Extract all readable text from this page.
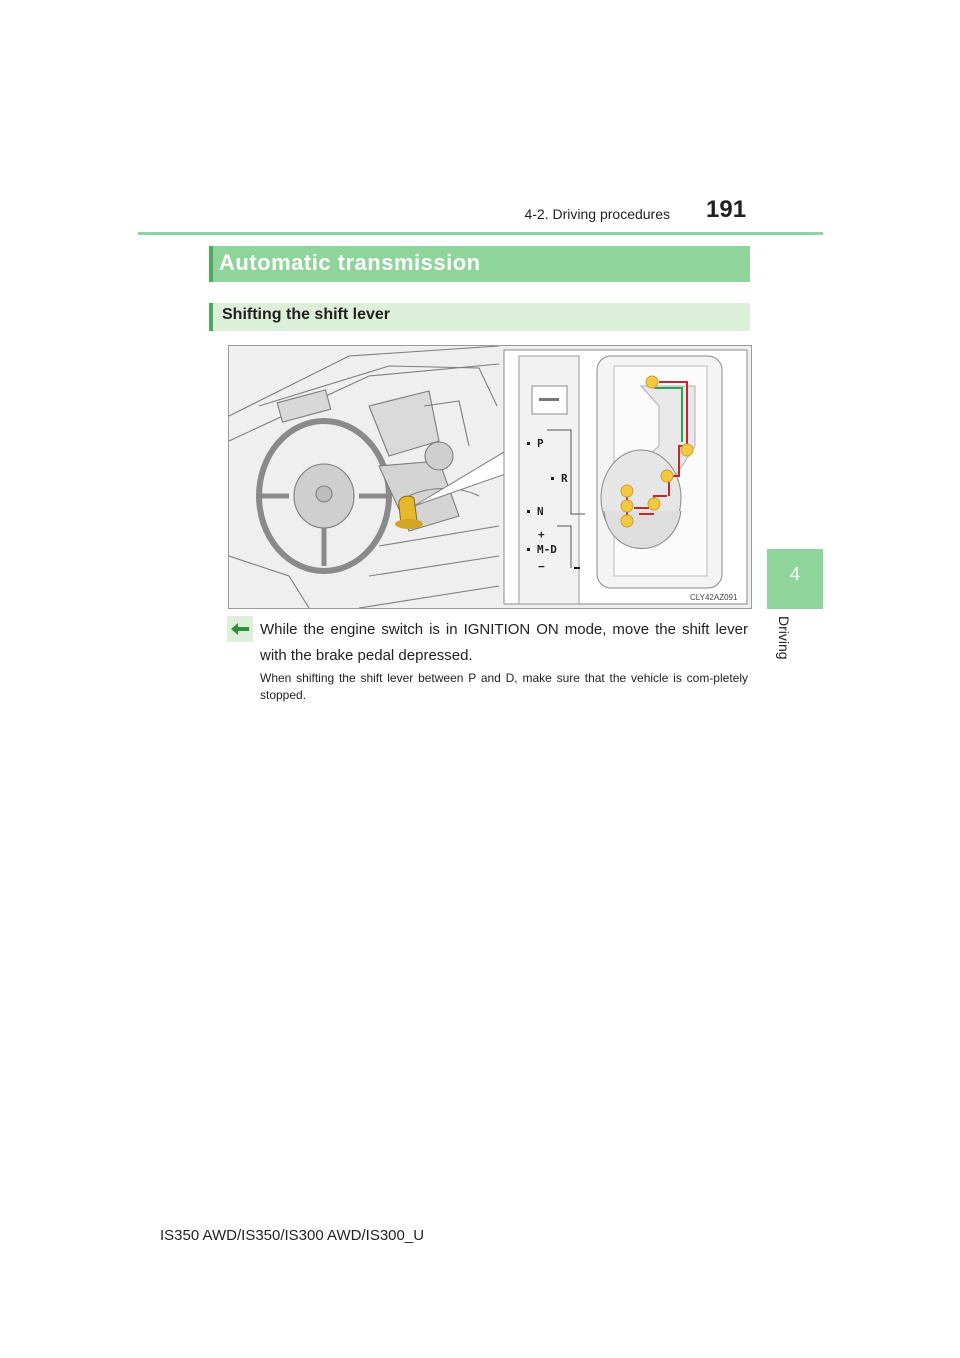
4-2. Driving procedures 191
4
Driving
Automatic transmission
Shifting the shift lever
P
R
N
+
M-D
−
CLY42AZ091
While the engine switch is in IGNITION ON mode, move the shift lever with the brake pedal depressed.
When shifting the shift lever between P and D, make sure that the vehicle is com-pletely stopped.
IS350 AWD/IS350/IS300 AWD/IS300_U
